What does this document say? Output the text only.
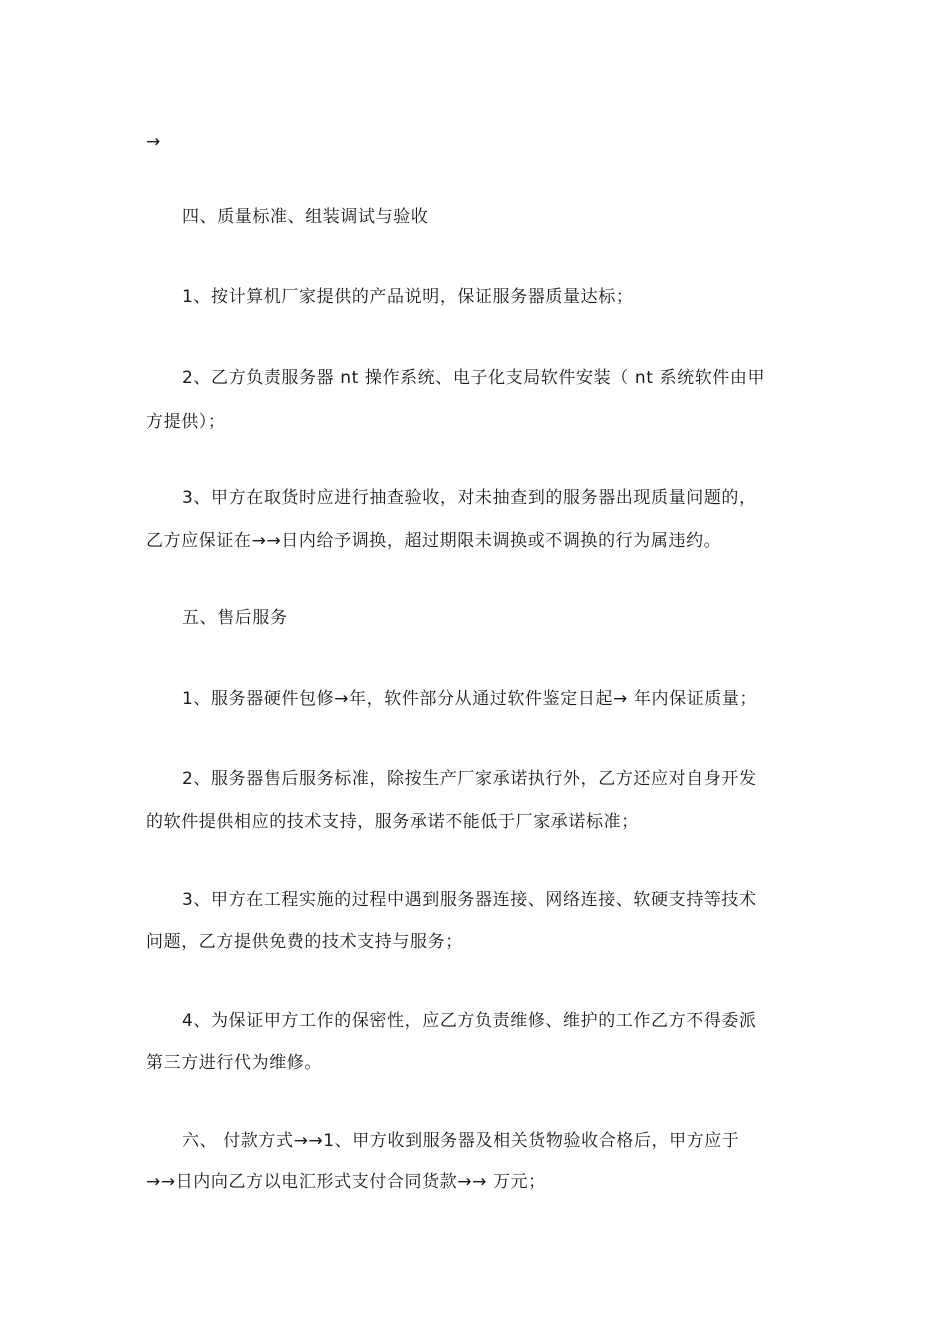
→
四、质量标准、组装调试与验收
1、按计算机厂家提供的产品说明，保证服务器质量达标；
2、乙方负责服务器 nt 操作系统、电子化支局软件安装（ nt 系统软件由甲
方提供）；
3、甲方在取货时应进行抽查验收，对未抽查到的服务器出现质量问题的，
乙方应保证在→→日内给予调换，超过期限未调换或不调换的行为属违约。
五、售后服务
1、服务器硬件包修→年，软件部分从通过软件鉴定日起→ 年内保证质量；
2、服务器售后服务标准，除按生产厂家承诺执行外，乙方还应对自身开发
的软件提供相应的技术支持，服务承诺不能低于厂家承诺标准；
3、甲方在工程实施的过程中遇到服务器连接、网络连接、软硬支持等技术
问题，乙方提供免费的技术支持与服务；
4、为保证甲方工作的保密性，应乙方负责维修、维护的工作乙方不得委派
第三方进行代为维修。
六、 付款方式→→1、甲方收到服务器及相关货物验收合格后，甲方应于
→→日内向乙方以电汇形式支付合同货款→→ 万元；
